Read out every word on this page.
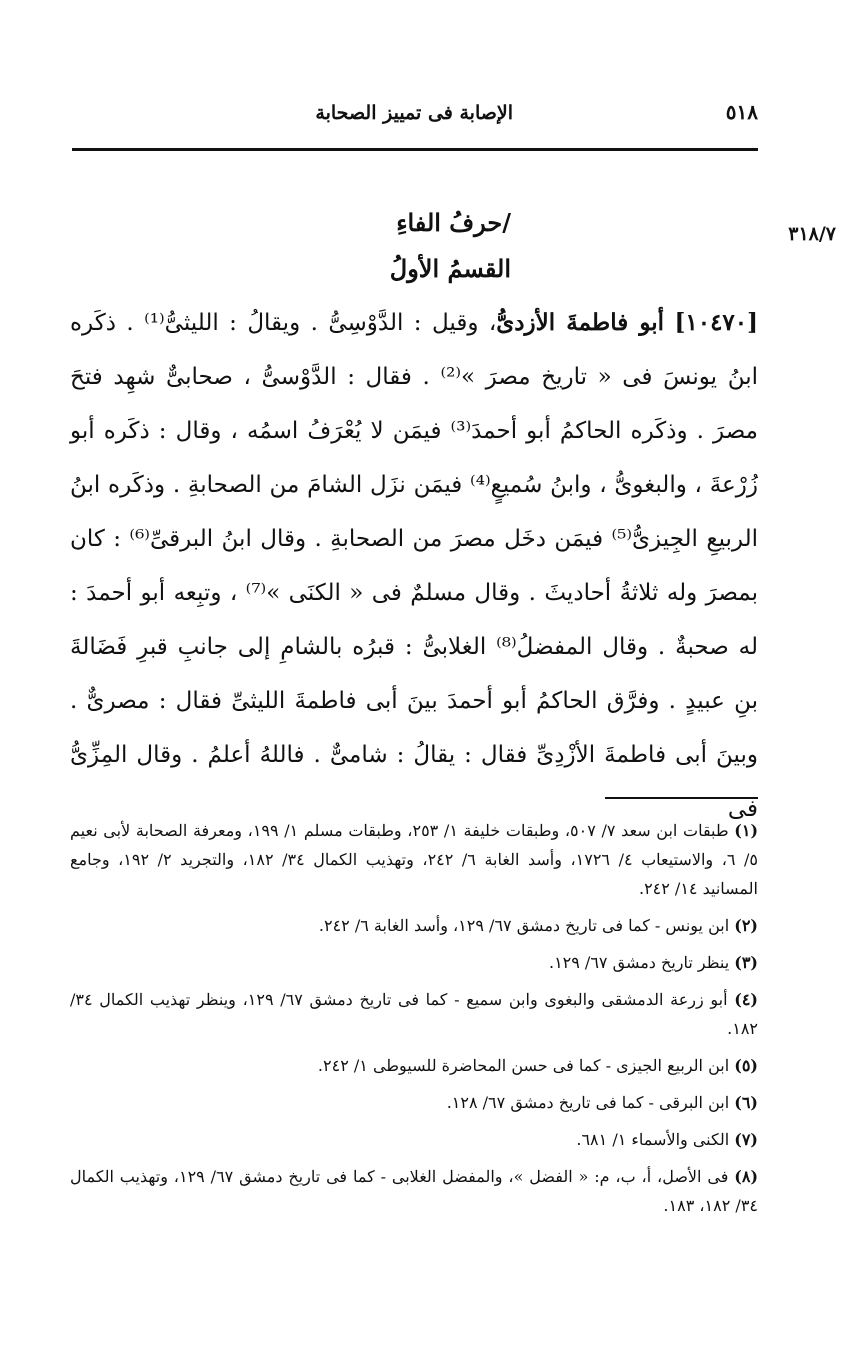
٥١٨
الإصابة فى تمييز الصحابة
٣١٨/٧
/حرفُ الفاءِ
القسمُ الأولُ
[١٠٤٧٠] أبو فاطمةَ الأزدىُّ، وقيل : الدَّوْسِىُّ . ويقالُ : الليثىُّ⁽¹⁾ . ذكَره ابنُ يونسَ فى « تاريخ مصرَ »⁽²⁾ . فقال : الدَّوْسىُّ ، صحابىٌّ شهِد فتحَ مصرَ . وذكَره الحاكمُ أبو أحمدَ⁽³⁾ فيمَن لا يُعْرَفُ اسمُه ، وقال : ذكَره أبو زُرْعةَ ، والبغوىُّ ، وابنُ سُميعٍ⁽⁴⁾ فيمَن نزَل الشامَ من الصحابةِ . وذكَره ابنُ الربيعِ الجِيزىُّ⁽⁵⁾ فيمَن دخَل مصرَ من الصحابةِ . وقال ابنُ البرقىِّ⁽⁶⁾ : كان بمصرَ وله ثلاثةُ أحاديثَ . وقال مسلمٌ فى « الكنَى »⁽⁷⁾ ، وتبِعه أبو أحمدَ : له صحبةٌ . وقال المفضلُ⁽⁸⁾ الغلابىُّ : قبرُه بالشامِ إلى جانبِ قبرِ فَضَالةَ بنِ عبيدٍ . وفرَّق الحاكمُ أبو أحمدَ بينَ أبى فاطمةَ الليثىِّ فقال : مصرىٌّ . وبينَ أبى فاطمةَ الأزْدِىِّ فقال : يقالُ : شامىٌّ . فاللهُ أعلمُ . وقال المِزِّىُّ فى
(١) طبقات ابن سعد ٧/ ٥٠٧، وطبقات خليفة ١/ ٢٥٣، وطبقات مسلم ١/ ١٩٩، ومعرفة الصحابة لأبى نعيم ٥/ ٦، والاستيعاب ٤/ ١٧٢٦، وأسد الغابة ٦/ ٢٤٢، وتهذيب الكمال ٣٤/ ١٨٢، والتجريد ٢/ ١٩٢، وجامع المسانيد ١٤/ ٢٤٢.
(٢) ابن يونس - كما فى تاريخ دمشق ٦٧/ ١٢٩، وأسد الغابة ٦/ ٢٤٢.
(٣) ينظر تاريخ دمشق ٦٧/ ١٢٩.
(٤) أبو زرعة الدمشقى والبغوى وابن سميع - كما فى تاريخ دمشق ٦٧/ ١٢٩، وينظر تهذيب الكمال ٣٤/ ١٨٢.
(٥) ابن الربيع الجيزى - كما فى حسن المحاضرة للسيوطى ١/ ٢٤٢.
(٦) ابن البرقى - كما فى تاريخ دمشق ٦٧/ ١٢٨.
(٧) الكنى والأسماء ١/ ٦٨١.
(٨) فى الأصل، أ، ب، م: « الفضل »، والمفضل الغلابى - كما فى تاريخ دمشق ٦٧/ ١٢٩، وتهذيب الكمال ٣٤/ ١٨٢، ١٨٣.
